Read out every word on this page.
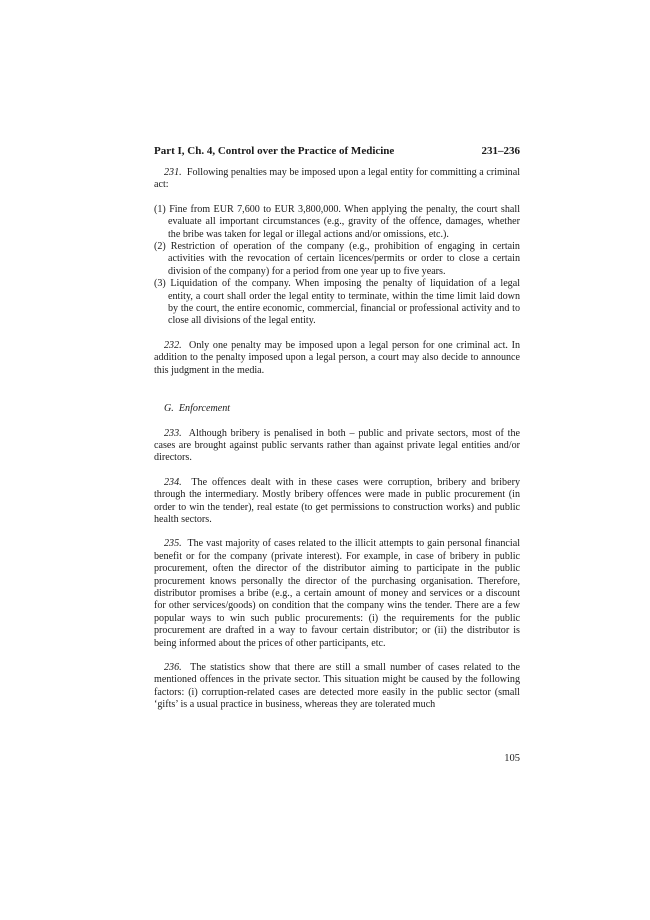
Part I, Ch. 4, Control over the Practice of Medicine	231–236

231. Following penalties may be imposed upon a legal entity for committing a criminal act:

(1) Fine from EUR 7,600 to EUR 3,800,000. When applying the penalty, the court shall evaluate all important circumstances (e.g., gravity of the offence, damages, whether the bribe was taken for legal or illegal actions and/or omissions, etc.).
(2) Restriction of operation of the company (e.g., prohibition of engaging in certain activities with the revocation of certain licences/permits or order to close a certain division of the company) for a period from one year up to five years.
(3) Liquidation of the company. When imposing the penalty of liquidation of a legal entity, a court shall order the legal entity to terminate, within the time limit laid down by the court, the entire economic, commercial, financial or professional activity and to close all divisions of the legal entity.

232. Only one penalty may be imposed upon a legal person for one criminal act. In addition to the penalty imposed upon a legal person, a court may also decide to announce this judgment in the media.

G. Enforcement

233. Although bribery is penalised in both – public and private sectors, most of the cases are brought against public servants rather than against private legal entities and/or directors.

234. The offences dealt with in these cases were corruption, bribery and bribery through the intermediary. Mostly bribery offences were made in public procurement (in order to win the tender), real estate (to get permissions to construction works) and public health sectors.

235. The vast majority of cases related to the illicit attempts to gain personal financial benefit or for the company (private interest). For example, in case of bribery in public procurement, often the director of the distributor aiming to participate in the public procurement knows personally the director of the purchasing organisation. Therefore, distributor promises a bribe (e.g., a certain amount of money and services or a discount for other services/goods) on condition that the company wins the tender. There are a few popular ways to win such public procurements: (i) the requirements for the public procurement are drafted in a way to favour certain distributor; or (ii) the distributor is being informed about the prices of other participants, etc.

236. The statistics show that there are still a small number of cases related to the mentioned offences in the private sector. This situation might be caused by the following factors: (i) corruption-related cases are detected more easily in the public sector (small ‘gifts’ is a usual practice in business, whereas they are tolerated much

105
